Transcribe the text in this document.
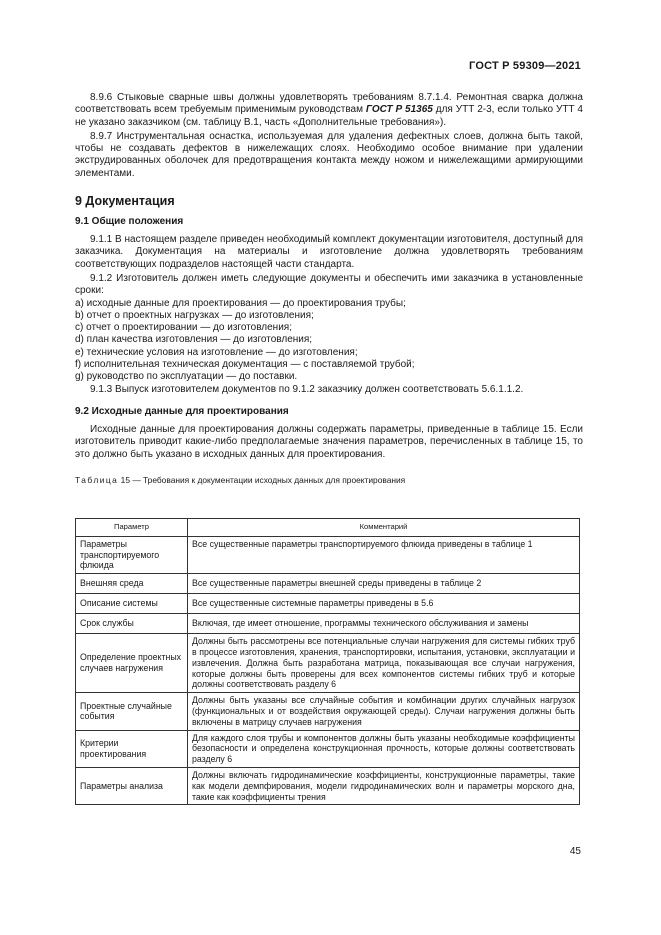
ГОСТ Р 59309—2021

8.9.6 Стыковые сварные швы должны удовлетворять требованиям 8.7.1.4. Ремонтная сварка должна соответствовать всем требуемым применимым руководствам ГОСТ Р 51365 для УТТ 2-3, если только УТТ 4 не указано заказчиком (см. таблицу В.1, часть «Дополнительные требования»).

8.9.7 Инструментальная оснастка, используемая для удаления дефектных слоев, должна быть такой, чтобы не создавать дефектов в нижележащих слоях. Необходимо особое внимание при удалении экструдированных оболочек для предотвращения контакта между ножом и нижележащими армирующими элементами.

9 Документация
9.1 Общие положения

9.1.1 В настоящем разделе приведен необходимый комплект документации изготовителя, доступный для заказчика. Документация на материалы и изготовление должна удовлетворять требованиям соответствующих подразделов настоящей части стандарта.

9.1.2 Изготовитель должен иметь следующие документы и обеспечить ими заказчика в установленные сроки:

a) исходные данные для проектирования — до проектирования трубы;

b) отчет о проектных нагрузках — до изготовления;

c) отчет о проектировании — до изготовления;

d) план качества изготовления — до изготовления;

e) технические условия на изготовление — до изготовления;

f) исполнительная техническая документация — с поставляемой трубой;

g) руководство по эксплуатации — до поставки.

9.1.3 Выпуск изготовителем документов по 9.1.2 заказчику должен соответствовать 5.6.1.1.2.

9.2 Исходные данные для проектирования

Исходные данные для проектирования должны содержать параметры, приведенные в таблице 15. Если изготовитель приводит какие-либо предполагаемые значения параметров, перечисленных в таблице 15, то это должно быть указано в исходных данных для проектирования.

Таблица 15 — Требования к документации исходных данных для проектирования

Параметр	Комментарий
Параметры транспортируемого флюида	Все существенные параметры транспортируемого флюида приведены в таблице 1
Внешняя среда	Все существенные параметры внешней среды приведены в таблице 2
Описание системы	Все существенные системные параметры приведены в 5.6
Срок службы	Включая, где имеет отношение, программы технического обслуживания и замены
Определение проектных случаев нагружения	Должны быть рассмотрены все потенциальные случаи нагружения для системы гибких труб в процессе изготовления, хранения, транспортировки, испытания, установки, эксплуатации и извлечения. Должна быть разработана матрица, показывающая все случаи нагружения, которые должны быть проверены для всех компонентов системы гибких труб и которые должны соответствовать разделу 6
Проектные случайные события	Должны быть указаны все случайные события и комбинации других случайных нагрузок (функциональных и от воздействия окружающей среды). Случаи нагружения должны быть включены в матрицу случаев нагружения
Критерии проектирования	Для каждого слоя трубы и компонентов должны быть указаны необходимые коэффициенты безопасности и определена конструкционная прочность, которые должны соответствовать разделу 6
Параметры анализа	Должны включать гидродинамические коэффициенты, конструкционные параметры, такие как модели демпфирования, модели гидродинамических волн и параметры морского дна, такие как коэффициенты трения
45
